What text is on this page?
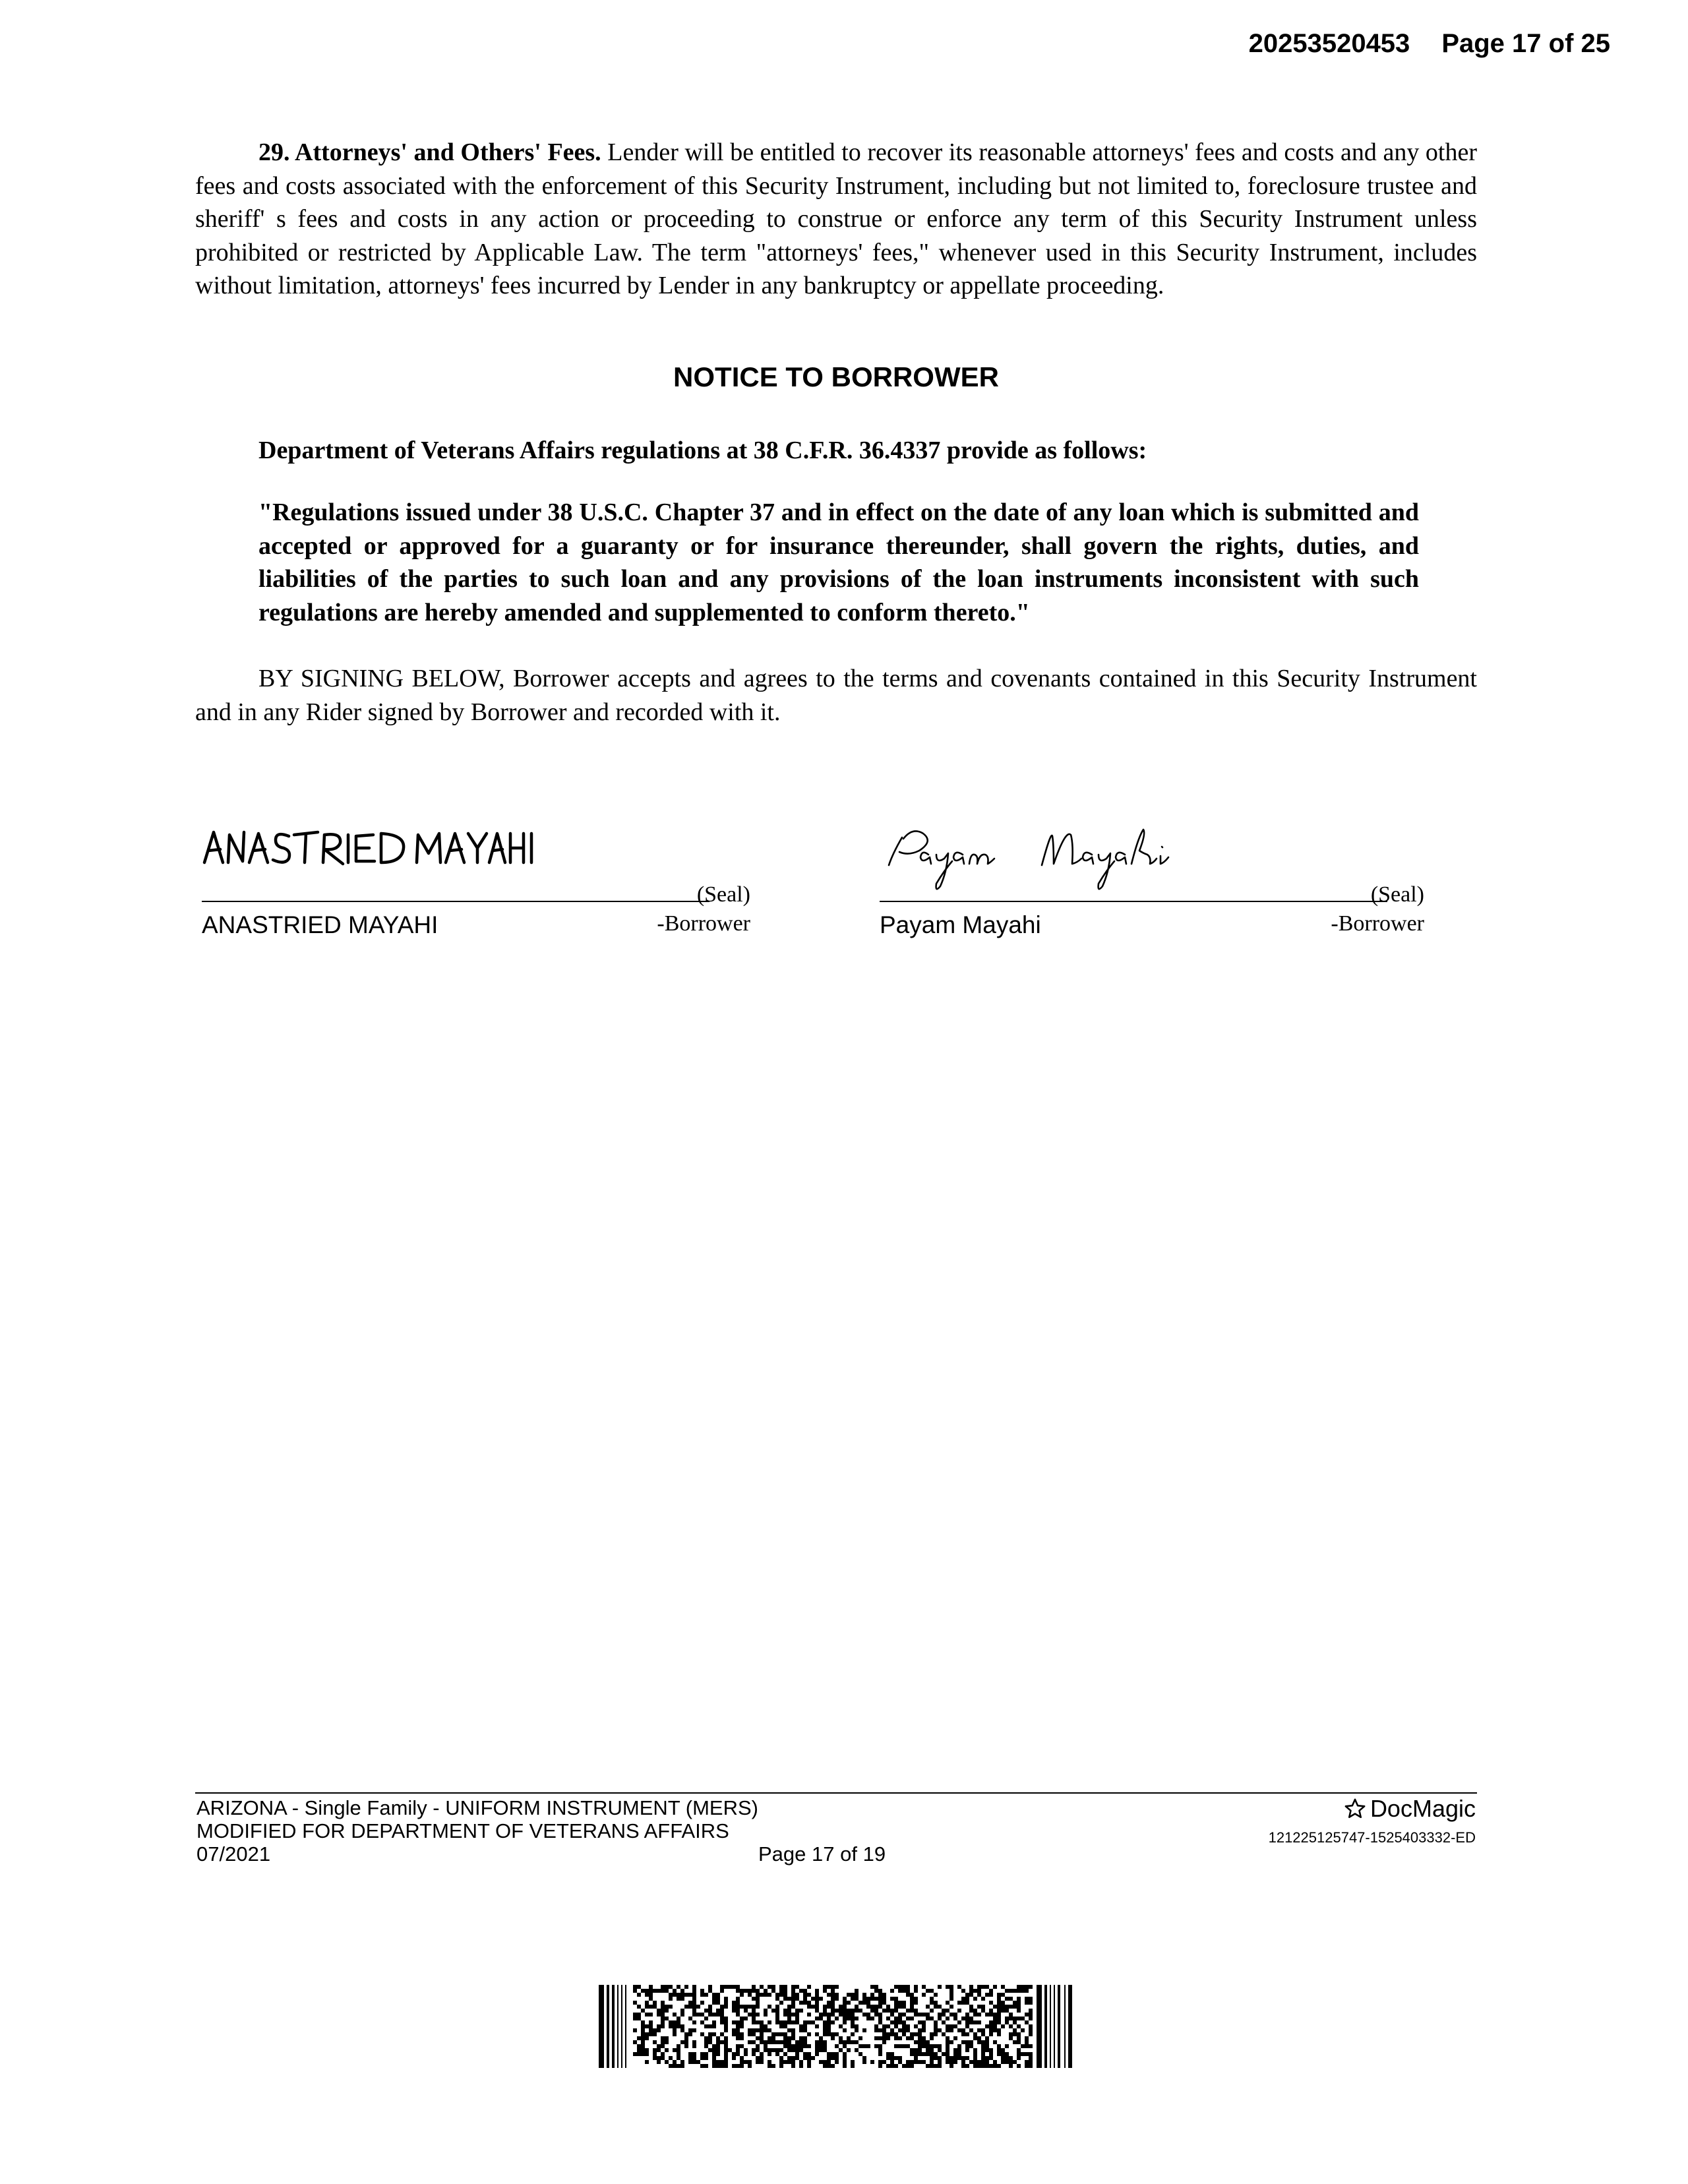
20253520453 Page 17 of 25

29. Attorneys' and Others' Fees. Lender will be entitled to recover its reasonable attorneys' fees and costs and any other fees and costs associated with the enforcement of this Security Instrument, including but not limited to, foreclosure trustee and sheriff' s fees and costs in any action or proceeding to construe or enforce any term of this Security Instrument unless prohibited or restricted by Applicable Law. The term "attorneys' fees," whenever used in this Security Instrument, includes without limitation, attorneys' fees incurred by Lender in any bankruptcy or appellate proceeding.

NOTICE TO BORROWER
Department of Veterans Affairs regulations at 38 C.F.R. 36.4337 provide as follows:
"Regulations issued under 38 U.S.C. Chapter 37 and in effect on the date of any loan which is submitted and accepted or approved for a guaranty or for insurance thereunder, shall govern the rights, duties, and liabilities of the parties to such loan and any provisions of the loan instruments inconsistent with such regulations are hereby amended and supplemented to conform thereto."

BY SIGNING BELOW, Borrower accepts and agrees to the terms and covenants contained in this Security Instrument and in any Rider signed by Borrower and recorded with it.

(Seal)
ANASTRIED MAYAHI	-Borrower
(Seal)
Payam Mayahi	-Borrower
ARIZONA - Single Family - UNIFORM INSTRUMENT (MERS)
MODIFIED FOR DEPARTMENT OF VETERANS AFFAIRS
07/2021	Page 17 of 19
DocMagic
121225125747-1525403332-ED
